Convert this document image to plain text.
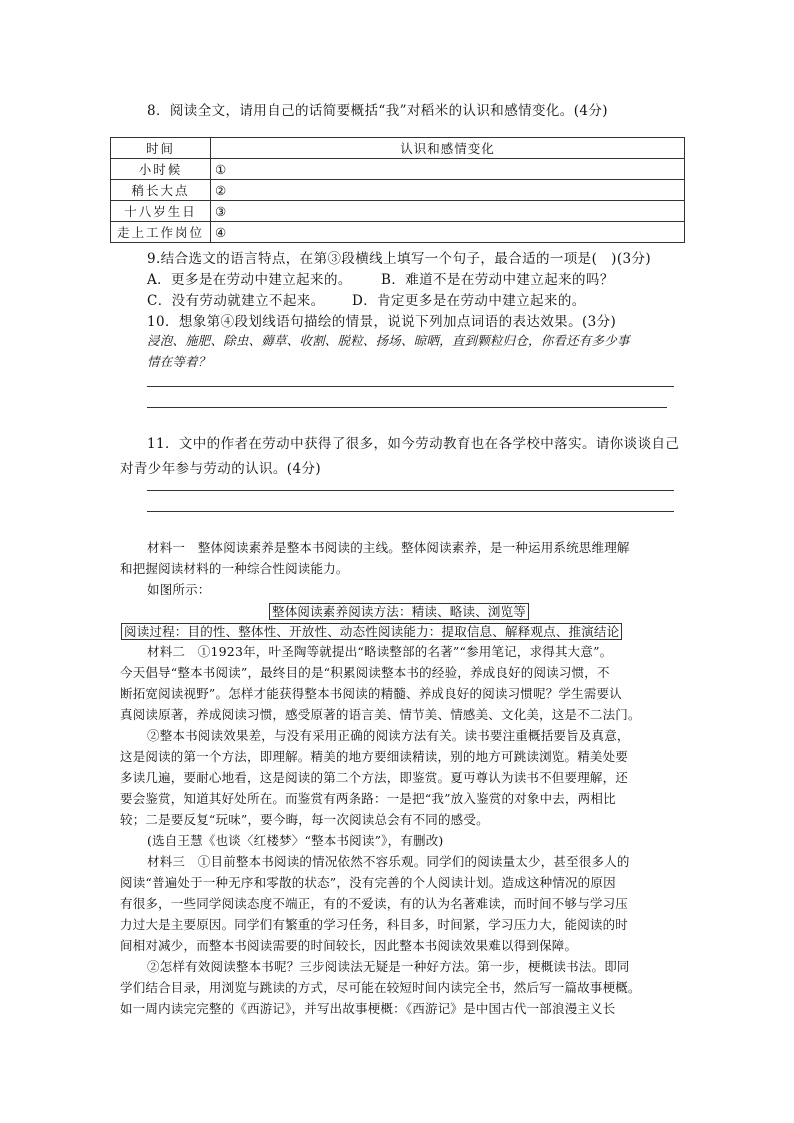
8．阅读全文，请用自己的话简要概括“我”对稻米的认识和感情变化。(4分)
时间	认识和感情变化
小时候	①
稍长大点	②
十八岁生日	③
走上工作岗位	④
9.结合选文的语言特点，在第③段横线上填写一个句子，最合适的一项是(　)(3分)
A．更多是在劳动中建立起来的。 B．难道不是在劳动中建立起来的吗？
C．没有劳动就建立不起来。 D．肯定更多是在劳动中建立起来的。
10．想象第④段划线语句描绘的情景，说说下列加点词语的表达效果。(3分)
浸泡、施肥、除虫、薅草、收割、脱粒、扬场、晾晒，直到颗粒归仓，你看还有多少事
情在等着？
11．文中的作者在劳动中获得了很多，如今劳动教育也在各学校中落实。请你谈谈自己
对青少年参与劳动的认识。(4分)
材料一　整体阅读素养是整本书阅读的主线。整体阅读素养，是一种运用系统思维理解
和把握阅读材料的一种综合性阅读能力。
如图所示：
整体阅读素养阅读方法：精读、略读、浏览等
阅读过程：目的性、整体性、开放性、动态性阅读能力：提取信息、解释观点、推演结论
材料二　①1923年，叶圣陶等就提出“略读整部的名著”“参用笔记，求得其大意”。
今天倡导“整本书阅读”，最终目的是“积累阅读整本书的经验，养成良好的阅读习惯，不
断拓宽阅读视野”。怎样才能获得整本书阅读的精髓、养成良好的阅读习惯呢？学生需要认
真阅读原著，养成阅读习惯，感受原著的语言美、情节美、情感美、文化美，这是不二法门。
②整本书阅读效果差，与没有采用正确的阅读方法有关。读书要注重概括要旨及真意，
这是阅读的第一个方法，即理解。精美的地方要细读精读，别的地方可跳读浏览。精美处要
多读几遍，要耐心地看，这是阅读的第二个方法，即鉴赏。夏丏尊认为读书不但要理解，还
要会鉴赏，知道其好处所在。而鉴赏有两条路：一是把“我”放入鉴赏的对象中去，两相比
较；二是要反复“玩味”，要今晦，每一次阅读总会有不同的感受。
(选自王慧《也谈〈红楼梦〉“整本书阅读”》，有删改)
材料三　①目前整本书阅读的情况依然不容乐观。同学们的阅读量太少，甚至很多人的
阅读“普遍处于一种无序和零散的状态”，没有完善的个人阅读计划。造成这种情况的原因
有很多，一些同学阅读态度不端正，有的不爱读，有的认为名著难读，而时间不够与学习压
力过大是主要原因。同学们有繁重的学习任务，科目多，时间紧，学习压力大，能阅读的时
间相对减少，而整本书阅读需要的时间较长，因此整本书阅读效果难以得到保障。
②怎样有效阅读整本书呢？三步阅读法无疑是一种好方法。第一步，梗概读书法。即同
学们结合目录，用浏览与跳读的方式，尽可能在较短时间内读完全书，然后写一篇故事梗概。
如一周内读完完整的《西游记》，并写出故事梗概：《西游记》是中国古代一部浪漫主义长
